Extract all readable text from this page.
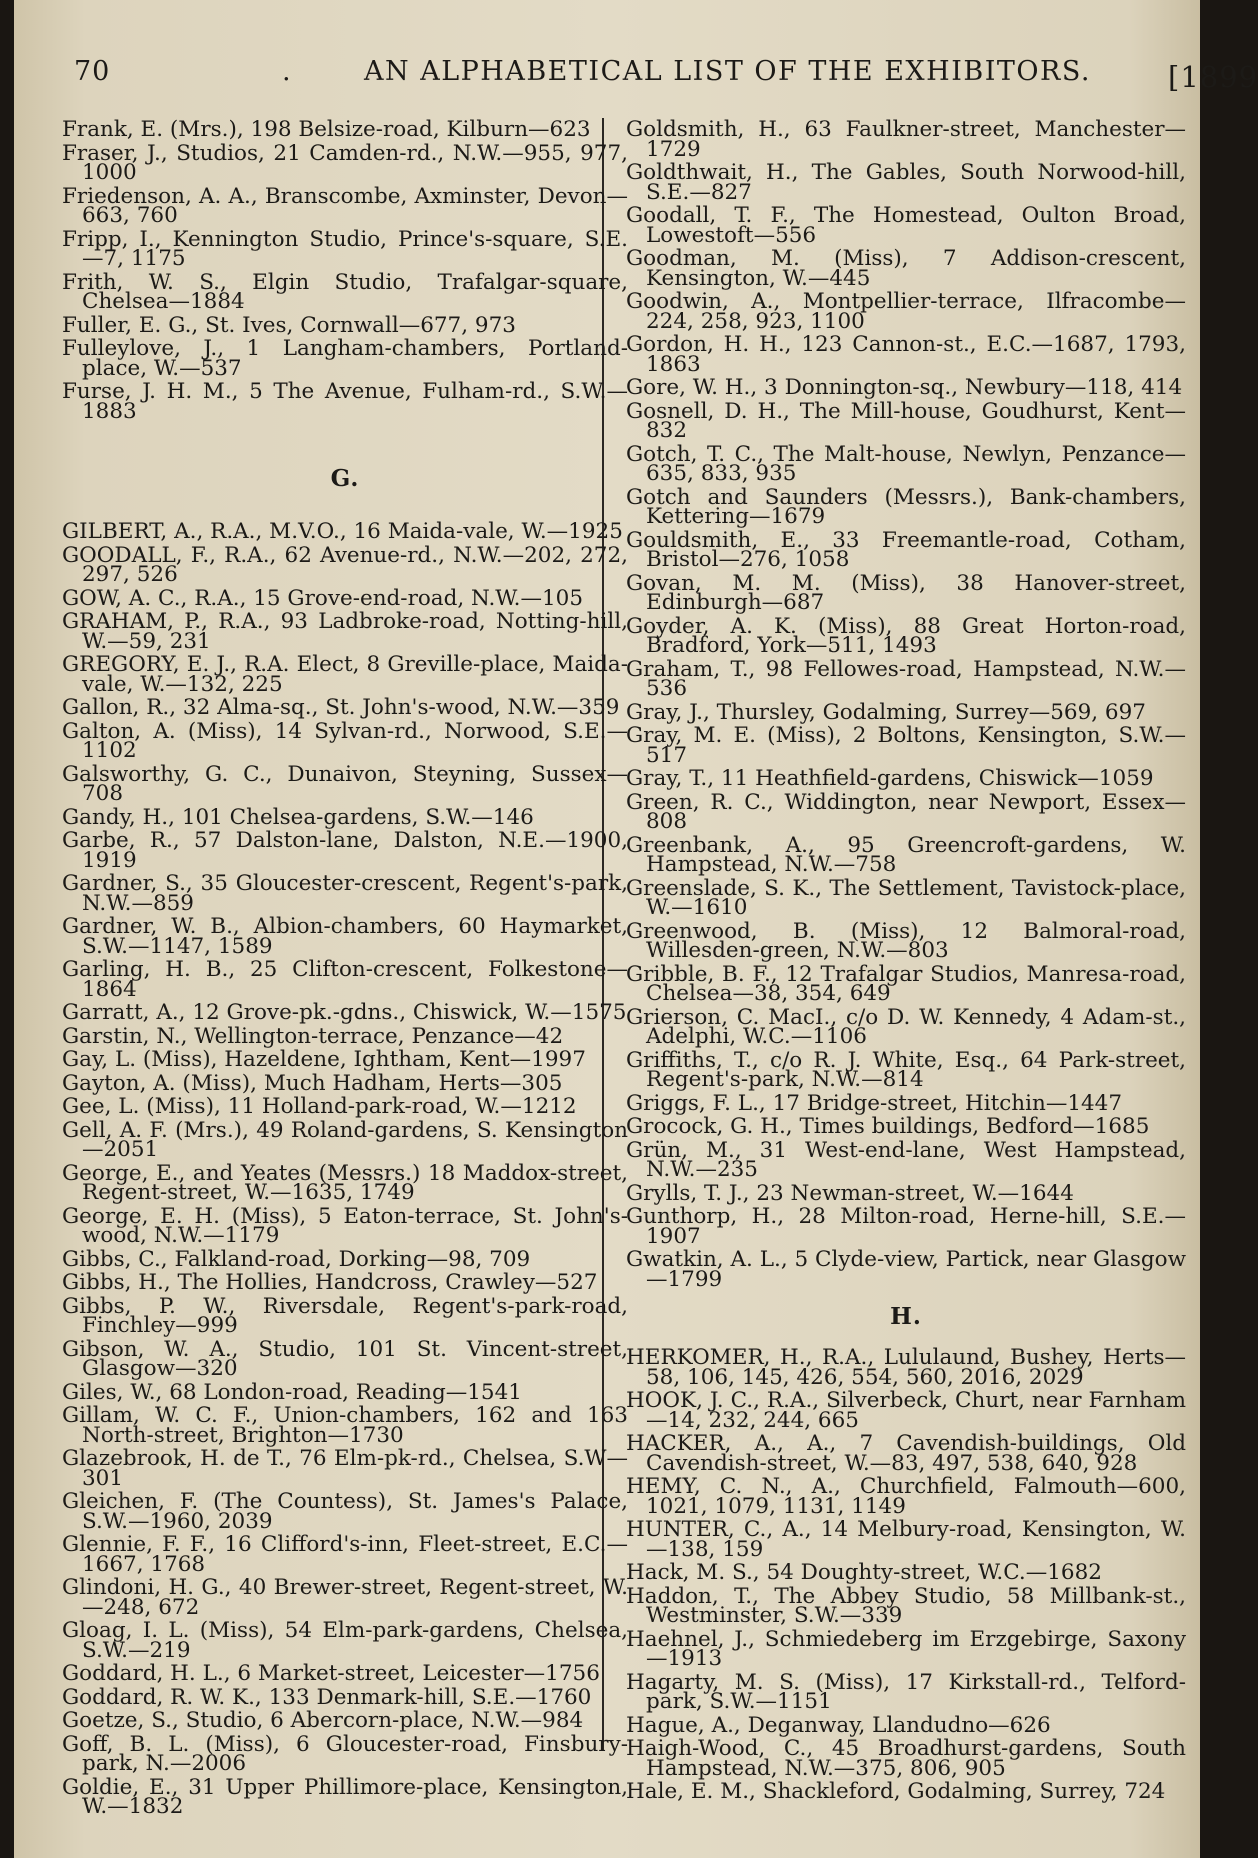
70	.	AN ALPHABETICAL LIST OF THE EXHIBITORS.	[1899

Frank, E. (Mrs.), 198 Belsize-road, Kilburn—623

Fraser, J., Studios, 21 Camden-rd., N.W.—955, 977, 1000

Friedenson, A. A., Branscombe, Axminster, Devon—663, 760

Fripp, I., Kennington Studio, Prince's-square, S.E.—7, 1175

Frith, W. S., Elgin Studio, Trafalgar-square, Chelsea—1884

Fuller, E. G., St. Ives, Cornwall—677, 973

Fulleylove, J., 1 Langham-chambers, Portland-place, W.—537

Furse, J. H. M., 5 The Avenue, Fulham-rd., S.W.—1883

G.

GILBERT, A., R.A., M.V.O., 16 Maida-vale, W.—1925

GOODALL, F., R.A., 62 Avenue-rd., N.W.—202, 272, 297, 526

GOW, A. C., R.A., 15 Grove-end-road, N.W.—105

GRAHAM, P., R.A., 93 Ladbroke-road, Notting-hill, W.—59, 231

GREGORY, E. J., R.A. Elect, 8 Greville-place, Maida-vale, W.—132, 225

Gallon, R., 32 Alma-sq., St. John's-wood, N.W.—359

Galton, A. (Miss), 14 Sylvan-rd., Norwood, S.E.—1102

Galsworthy, G. C., Dunaivon, Steyning, Sussex—708

Gandy, H., 101 Chelsea-gardens, S.W.—146

Garbe, R., 57 Dalston-lane, Dalston, N.E.—1900, 1919

Gardner, S., 35 Gloucester-crescent, Regent's-park, N.W.—859

Gardner, W. B., Albion-chambers, 60 Haymarket, S.W.—1147, 1589

Garling, H. B., 25 Clifton-crescent, Folkestone—1864

Garratt, A., 12 Grove-pk.-gdns., Chiswick, W.—1575

Garstin, N., Wellington-terrace, Penzance—42

Gay, L. (Miss), Hazeldene, Ightham, Kent—1997

Gayton, A. (Miss), Much Hadham, Herts—305

Gee, L. (Miss), 11 Holland-park-road, W.—1212

Gell, A. F. (Mrs.), 49 Roland-gardens, S. Kensington—2051

George, E., and Yeates (Messrs.) 18 Maddox-street, Regent-street, W.—1635, 1749

George, E. H. (Miss), 5 Eaton-terrace, St. John's-wood, N.W.—1179

Gibbs, C., Falkland-road, Dorking—98, 709

Gibbs, H., The Hollies, Handcross, Crawley—527

Gibbs, P. W., Riversdale, Regent's-park-road, Finchley—999

Gibson, W. A., Studio, 101 St. Vincent-street, Glasgow—320

Giles, W., 68 London-road, Reading—1541

Gillam, W. C. F., Union-chambers, 162 and 163 North-street, Brighton—1730

Glazebrook, H. de T., 76 Elm-pk-rd., Chelsea, S.W—301

Gleichen, F. (The Countess), St. James's Palace, S.W.—1960, 2039

Glennie, F. F., 16 Clifford's-inn, Fleet-street, E.C.—1667, 1768

Glindoni, H. G., 40 Brewer-street, Regent-street, W.—248, 672

Gloag, I. L. (Miss), 54 Elm-park-gardens, Chelsea, S.W.—219

Goddard, H. L., 6 Market-street, Leicester—1756

Goddard, R. W. K., 133 Denmark-hill, S.E.—1760

Goetze, S., Studio, 6 Abercorn-place, N.W.—984

Goff, B. L. (Miss), 6 Gloucester-road, Finsbury-park, N.—2006

Goldie, E., 31 Upper Phillimore-place, Kensington, W.—1832

Goldsmith, H., 63 Faulkner-street, Manchester—1729

Goldthwait, H., The Gables, South Norwood-hill, S.E.—827

Goodall, T. F., The Homestead, Oulton Broad, Lowestoft—556

Goodman, M. (Miss), 7 Addison-crescent, Kensington, W.—445

Goodwin, A., Montpellier-terrace, Ilfracombe—224, 258, 923, 1100

Gordon, H. H., 123 Cannon-st., E.C.—1687, 1793, 1863

Gore, W. H., 3 Donnington-sq., Newbury—118, 414

Gosnell, D. H., The Mill-house, Goudhurst, Kent—832

Gotch, T. C., The Malt-house, Newlyn, Penzance—635, 833, 935

Gotch and Saunders (Messrs.), Bank-chambers, Kettering—1679

Gouldsmith, E., 33 Freemantle-road, Cotham, Bristol—276, 1058

Govan, M. M. (Miss), 38 Hanover-street, Edinburgh—687

Goyder, A. K. (Miss), 88 Great Horton-road, Bradford, York—511, 1493

Graham, T., 98 Fellowes-road, Hampstead, N.W.—536

Gray, J., Thursley, Godalming, Surrey—569, 697

Gray, M. E. (Miss), 2 Boltons, Kensington, S.W.—517

Gray, T., 11 Heathfield-gardens, Chiswick—1059

Green, R. C., Widdington, near Newport, Essex—808

Greenbank, A., 95 Greencroft-gardens, W. Hampstead, N.W.—758

Greenslade, S. K., The Settlement, Tavistock-place, W.—1610

Greenwood, B. (Miss), 12 Balmoral-road, Willesden-green, N.W.—803

Gribble, B. F., 12 Trafalgar Studios, Manresa-road, Chelsea—38, 354, 649

Grierson, C. MacI., c/o D. W. Kennedy, 4 Adam-st., Adelphi, W.C.—1106

Griffiths, T., c/o R. J. White, Esq., 64 Park-street, Regent's-park, N.W.—814

Griggs, F. L., 17 Bridge-street, Hitchin—1447

Grocock, G. H., Times buildings, Bedford—1685

Grün, M., 31 West-end-lane, West Hampstead, N.W.—235

Grylls, T. J., 23 Newman-street, W.—1644

Gunthorp, H., 28 Milton-road, Herne-hill, S.E.—1907

Gwatkin, A. L., 5 Clyde-view, Partick, near Glasgow—1799

H.

HERKOMER, H., R.A., Lululaund, Bushey, Herts—58, 106, 145, 426, 554, 560, 2016, 2029

HOOK, J. C., R.A., Silverbeck, Churt, near Farnham—14, 232, 244, 665

HACKER, A., A., 7 Cavendish-buildings, Old Cavendish-street, W.—83, 497, 538, 640, 928

HEMY, C. N., A., Churchfield, Falmouth—600, 1021, 1079, 1131, 1149

HUNTER, C., A., 14 Melbury-road, Kensington, W.—138, 159

Hack, M. S., 54 Doughty-street, W.C.—1682

Haddon, T., The Abbey Studio, 58 Millbank-st., Westminster, S.W.—339

Haehnel, J., Schmiedeberg im Erzgebirge, Saxony—1913

Hagarty, M. S. (Miss), 17 Kirkstall-rd., Telford-park, S.W.—1151

Hague, A., Deganway, Llandudno—626

Haigh-Wood, C., 45 Broadhurst-gardens, South Hampstead, N.W.—375, 806, 905

Hale, E. M., Shackleford, Godalming, Surrey, 724
